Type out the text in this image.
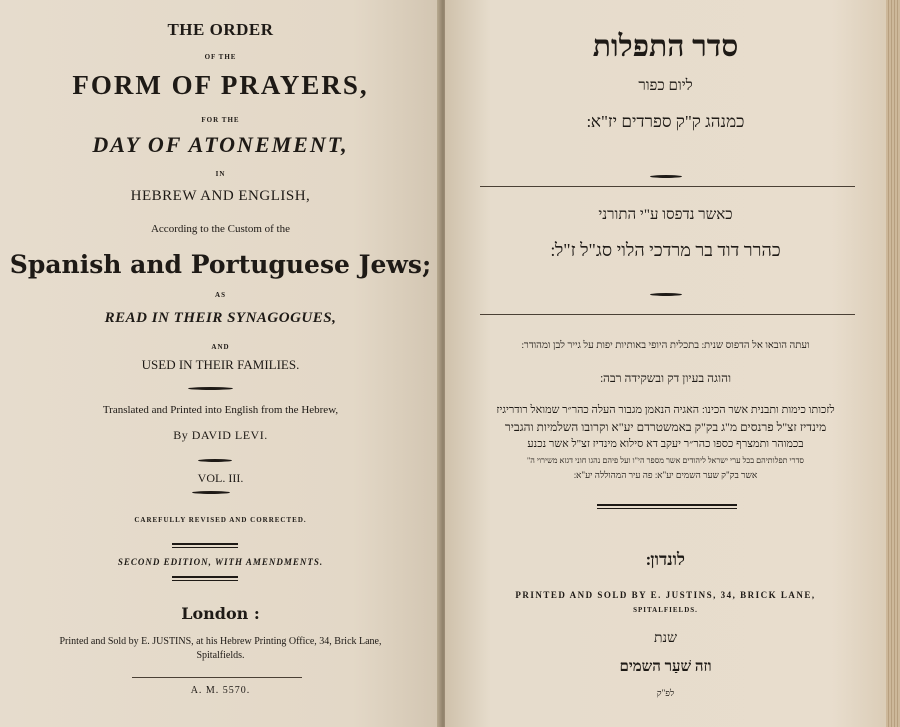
THE ORDER
OF THE
FORM OF PRAYERS,
FOR THE
DAY OF ATONEMENT,
IN
HEBREW AND ENGLISH,
According to the Custom of the
Spanish and Portuguese Jews;
AS
READ IN THEIR SYNAGOGUES,
AND
USED IN THEIR FAMILIES.
Translated and Printed into English from the Hebrew,
By DAVID LEVI.
VOL. III.
CAREFULLY REVISED AND CORRECTED.
SECOND EDITION, WITH AMENDMENTS.
London :
Printed and Sold by E. JUSTINS, at his Hebrew Printing Office, 34, Brick Lane,
Spitalfields.
A. M. 5570.
סדר התפלות
ליום כפור
כמנהג ק"ק ספרדים יז"א ׃
כאשר נדפסו ע"י התורני
כהרר דוד בר מרדכי הלוי סג"ל ז"ל ׃
ועתה הובאו אל הדפוס שנית ׃ בתכלית היופי באותיות יפות על גייר לבן ומהודר ׃
והוגה בעיון דק ובשקידה רבה ׃
לזכותו כימות ותבנית אשר הכינו ׃ האגיה הנאמן מגבור העלה כהר״ר שמואל רודריגיז
מינדיז זצ"ל פרנסים מ"ג בק"ק באמשטרדם יע"א וקרובו השלמיות והגביר
בכמוהר ותמצרף כספו כהר״ר יעקב דא סילוא מינדיז זצ"ל אשר נכנע
סדרי תפלותיהם בכל ערי ישראל ליהודים אשר מספר הי"ו ועל פיהם נהגו חוני דגזא משירוי ה"
אשר בק"ק שער השמים יע"א ׃ פה עיר המהוללה יע"א ׃
לונדון ׃
PRINTED AND SOLD BY E. JUSTINS, 34, BRICK LANE,
SPITALFIELDS.
שנת
וזה שׁעַר השמים
לפ"ק
